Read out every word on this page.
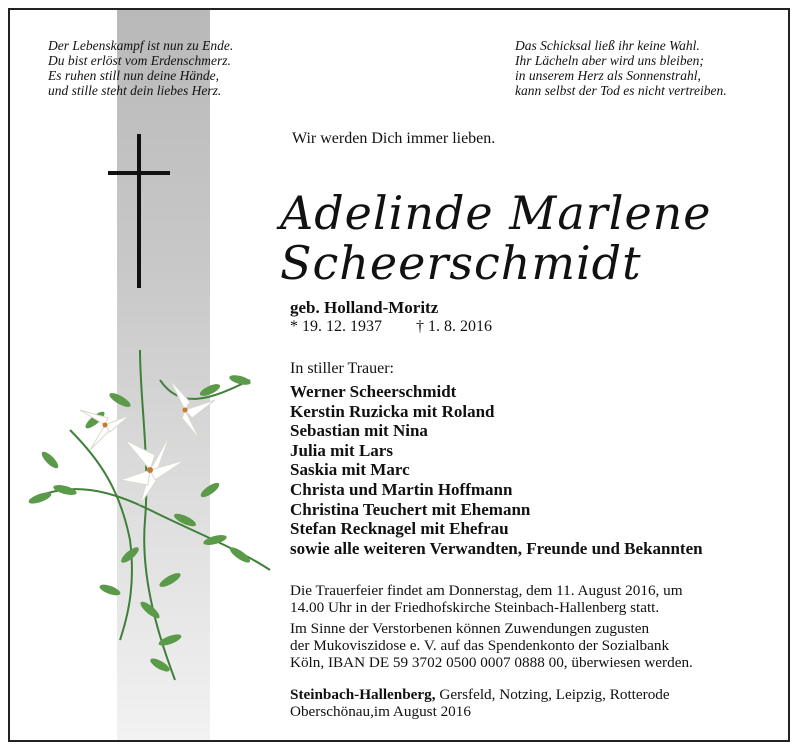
Der Lebenskampf ist nun zu Ende.
Du bist erlöst vom Erdenschmerz.
Es ruhen still nun deine Hände,
und stille steht dein liebes Herz.
Das Schicksal ließ ihr keine Wahl.
Ihr Lächeln aber wird uns bleiben;
in unserem Herz als Sonnenstrahl,
kann selbst der Tod es nicht vertreiben.
Wir werden Dich immer lieben.
Adelinde Marlene
Scheerschmidt
geb. Holland-Moritz
* 19. 12. 1937 † 1. 8. 2016
In stiller Trauer:
Werner Scheerschmidt
Kerstin Ruzicka mit Roland
Sebastian mit Nina
Julia mit Lars
Saskia mit Marc
Christa und Martin Hoffmann
Christina Teuchert mit Ehemann
Stefan Recknagel mit Ehefrau
sowie alle weiteren Verwandten, Freunde und Bekannten
Die Trauerfeier findet am Donnerstag, dem 11. August 2016, um
14.00 Uhr in der Friedhofskirche Steinbach-Hallenberg statt.
Im Sinne der Verstorbenen können Zuwendungen zugusten
der Mukoviszidose e. V. auf das Spendenkonto der Sozialbank
Köln, IBAN DE 59 3702 0500 0007 0888 00, überwiesen werden.
Steinbach-Hallenberg, Gersfeld, Notzing, Leipzig, Rotterode
Oberschönau,im August 2016
